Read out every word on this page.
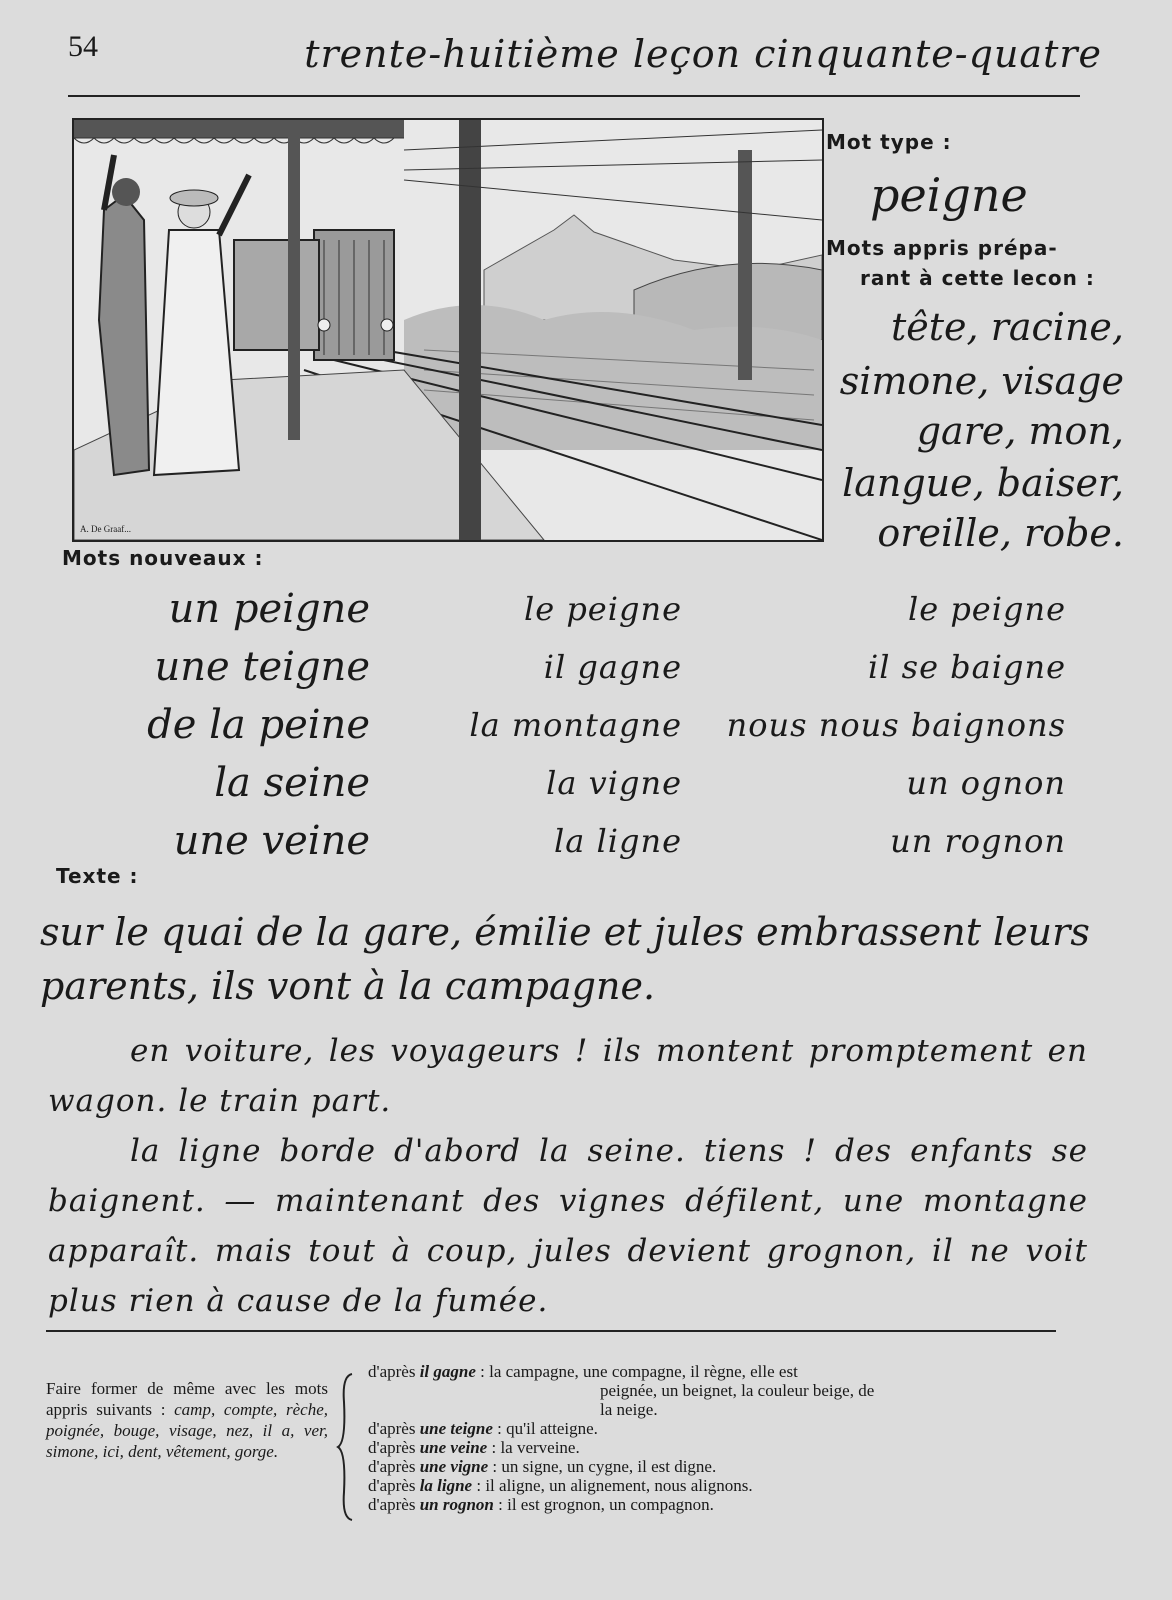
54	trente-huitième leçon cinquante-quatre
A. De Graaf...
Mot type :
peigne
Mots appris prépa-
rant à cette lecon :
tête, racine,
simone, visage
gare, mon,
langue, baiser,
oreille, robe.
Mots nouveaux :
un peigne
une teigne
de la peine
la seine
une veine
le peigne
il gagne
la montagne
la vigne
la ligne
le peigne
il se baigne
nous nous baignons
un ognon
un rognon
Texte :
sur le quai de la gare, émilie et jules embrassent leurs
parents, ils vont à la campagne.
en voiture, les voyageurs ! ils montent promptement en wagon. le train part.
la ligne borde d'abord la seine. tiens ! des enfants se baignent. — maintenant des vignes défilent, une montagne apparaît. mais tout à coup, jules devient grognon, il ne voit plus rien à cause de la fumée.
Faire former de même avec les mots appris suivants : camp, compte, rèche, poignée, bouge, visage, nez, il a, ver, simone, ici, dent, vêtement, gorge.
d'après il gagne : la campagne, une compagne, il règne, elle est
peignée, un beignet, la couleur beige, de
la neige.
d'après une teigne : qu'il atteigne.
d'après une veine : la verveine.
d'après une vigne : un signe, un cygne, il est digne.
d'après la ligne : il aligne, un alignement, nous alignons.
d'après un rognon : il est grognon, un compagnon.
